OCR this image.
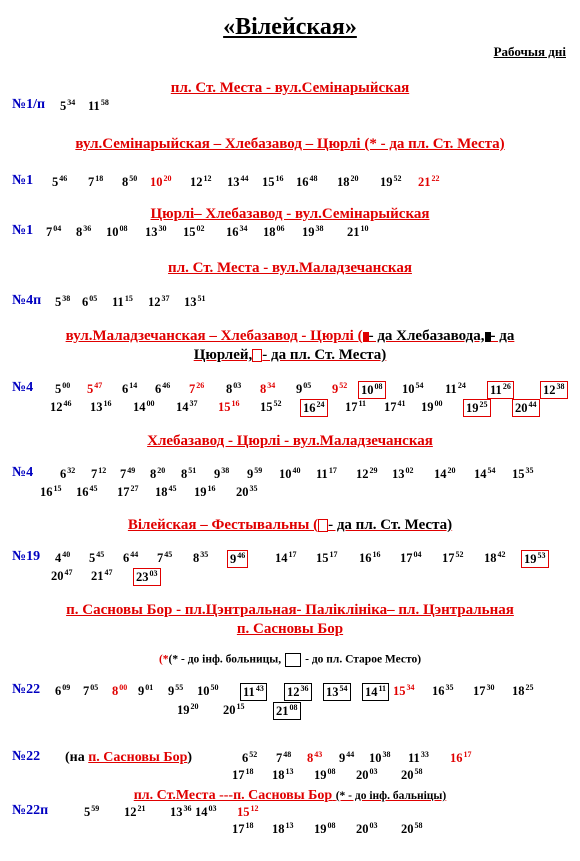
«Вілейская»
Рабочыя дні
пл. Ст. Места - вул.Семінарыйская
№1/п $5^{34}$ $11^{58}$
вул.Семінарыйская – Хлебазавод – Цюрлі (* - да пл. Ст. Места)
№1 $5^{46}$ $7^{18}$ $8^{50}$ $10^{20}$ $12^{12}$ $13^{44}$ $15^{16}$ $16^{48}$ $18^{20}$ $19^{52}$ $21^{22}$
Цюрлі– Хлебазавод - вул.Семінарыйская
№1 $7^{04}$ $8^{36}$ $10^{08}$ $13^{30}$ $15^{02}$ $16^{34}$ $18^{06}$ $19^{38}$ $21^{10}$
пл. Ст. Места - вул.Маладзечанская
№4п $5^{38}$ $6^{05}$ $11^{15}$ $12^{37}$ $13^{51}$
вул.Маладзечанская – Хлебазавод - Цюрлі ( - да Хлебазавода, - да
Цюрлей, - да пл. Ст. Места)
№4 $5^{00}$ $5^{47}$ $6^{14}$ $6^{46}$ $7^{26}$ $8^{03}$ $8^{34}$ $9^{05}$ $9^{52}$ $10^{08}$ $10^{54}$ $11^{24}$ $11^{26}$	$12^{38}$
$12^{46}$ $13^{16}$ $14^{00}$ $14^{37}$ $15^{16}$ $15^{52}$ $16^{24}$ $17^{11}$ $17^{41}$ $19^{00}$ $19^{25}$ $20^{44}$
Хлебазавод - Цюрлі - вул.Маладзечанская
№4 $6^{32}$ $7^{12}$ $7^{49}$ $8^{20}$ $8^{51}$ $9^{38}$ $9^{59}$ $10^{40}$ $11^{17}$ $12^{29}$ $13^{02}$ $14^{20}$ $14^{54}$ $15^{35}$
$16^{15}$ $16^{45}$ $17^{27}$ $18^{45}$ $19^{16}$ $20^{35}$
Вілейская – Фестывальны ( - да пл. Ст. Места)
№19 $4^{40}$ $5^{45}$ $6^{44}$ $7^{45}$ $8^{35}$ $9^{46}$ $14^{17}$ $15^{17}$ $16^{16}$ $17^{04}$ $17^{52}$ $18^{42}$ $19^{53}$
$20^{47}$ $21^{47}$ $23^{03}$
п. Сасновы Бор - пл.Цэнтральная- Паліклініка– пл. Цэнтральная
п. Сасновы Бор
(*(* - до інф. больницы, - до пл. Старое Место)
№22 $6^{09}$ $7^{05}$ $8^{00}$ $9^{01}$ $9^{55}$ $10^{50}$ $11^{43}$ $12^{36}$ $13^{54}$ $14^{11}$ $15^{34}$ $16^{35}$ $17^{30}$ $18^{25}$
$19^{20}$ $20^{15}$	$21^{08}$
(на п. Сасновы Бор)
№22	$6^{52}$ $7^{48}$ $8^{43}$ $9^{44}$ $10^{38}$ $11^{33}$ $16^{17}$
$17^{18}$ $18^{13}$ $19^{08}$ $20^{03}$ $20^{58}$
пл. Ст.Места ---п. Сасновы Бор (* - до інф. бальніцы)
№22п	$5^{59}$ $12^{21}$ $13^{36}$ $14^{03}$ $15^{12}$
$17^{18}$ $18^{13}$ $19^{08}$ $20^{03}$ $20^{58}$
